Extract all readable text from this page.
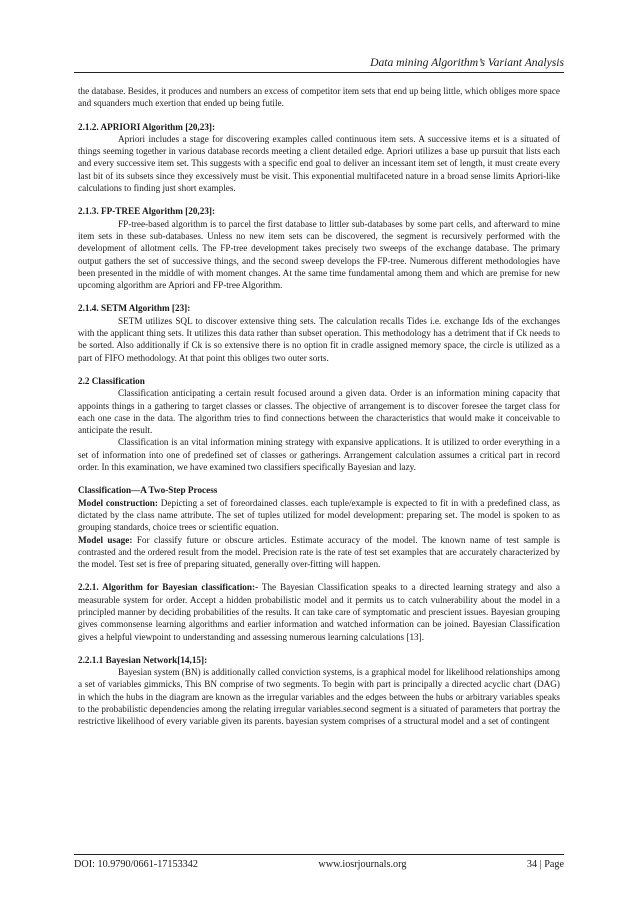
Data mining Algorithm’s Variant Analysis

the database. Besides, it produces and numbers an excess of competitor item sets that end up being little, which obliges more space and squanders much exertion that ended up being futile.

2.1.2. APRIORI Algorithm [20,23]:

Apriori includes a stage for discovering examples called continuous item sets. A successive items et is a situated of things seeming together in various database records meeting a client detailed edge. Apriori utilizes a base up pursuit that lists each and every successive item set. This suggests with a specific end goal to deliver an incessant item set of length, it must create every last bit of its subsets since they excessively must be visit. This exponential multifaceted nature in a broad sense limits Apriori-like calculations to finding just short examples.

2.1.3. FP-TREE Algorithm [20,23]:

FP-tree-based algorithm is to parcel the first database to littler sub-databases by some part cells, and afterward to mine item sets in these sub-databases. Unless no new item sets can be discovered, the segment is recursively performed with the development of allotment cells. The FP-tree development takes precisely two sweeps of the exchange database. The primary output gathers the set of successive things, and the second sweep develops the FP-tree. Numerous different methodologies have been presented in the middle of with moment changes. At the same time fundamental among them and which are premise for new upcoming algorithm are Apriori and FP-tree Algorithm.

2.1.4. SETM Algorithm [23]:

SETM utilizes SQL to discover extensive thing sets. The calculation recalls Tides i.e. exchange Ids of the exchanges with the applicant thing sets. It utilizes this data rather than subset operation. This methodology has a detriment that if Ck needs to be sorted. Also additionally if Ck is so extensive there is no option fit in cradle assigned memory space, the circle is utilized as a part of FIFO methodology. At that point this obliges two outer sorts.

2.2 Classification

Classification anticipating a certain result focused around a given data. Order is an information mining capacity that appoints things in a gathering to target classes or classes. The objective of arrangement is to discover foresee the target class for each one case in the data. The algorithm tries to find connections between the characteristics that would make it conceivable to anticipate the result.

Classification is an vital information mining strategy with expansive applications. It is utilized to order everything in a set of information into one of predefined set of classes or gatherings. Arrangement calculation assumes a critical part in record order. In this examination, we have examined two classifiers specifically Bayesian and lazy.

Classification—A Two-Step Process

Model construction: Depicting a set of foreordained classes. each tuple/example is expected to fit in with a predefined class, as dictated by the class name attribute. The set of tuples utilized for model development: preparing set. The model is spoken to as grouping standards, choice trees or scientific equation.

Model usage: For classify future or obscure articles. Estimate accuracy of the model. The known name of test sample is contrasted and the ordered result from the model. Precision rate is the rate of test set examples that are accurately characterized by the model. Test set is free of preparing situated, generally over-fitting will happen.

2.2.1. Algorithm for Bayesian classification:- The Bayesian Classification speaks to a directed learning strategy and also a measurable system for order. Accept a hidden probabilistic model and it permits us to catch vulnerability about the model in a principled manner by deciding probabilities of the results. It can take care of symptomatic and prescient issues. Bayesian grouping gives commonsense learning algorithms and earlier information and watched information can be joined. Bayesian Classification gives a helpful viewpoint to understanding and assessing numerous learning calculations [13].

2.2.1.1 Bayesian Network[14,15]:

Bayesian system (BN) is additionally called conviction systems, is a graphical model for likelihood relationships among a set of variables gimmicks, This BN comprise of two segments. To begin with part is principally a directed acyclic chart (DAG) in which the hubs in the diagram are known as the irregular variables and the edges between the hubs or arbitrary variables speaks to the probabilistic dependencies among the relating irregular variables.second segment is a situated of parameters that portray the restrictive likelihood of every variable given its parents. bayesian system comprises of a structural model and a set of contingent

DOI: 10.9790/0661-17153342	www.iosrjournals.org	34 | Page
